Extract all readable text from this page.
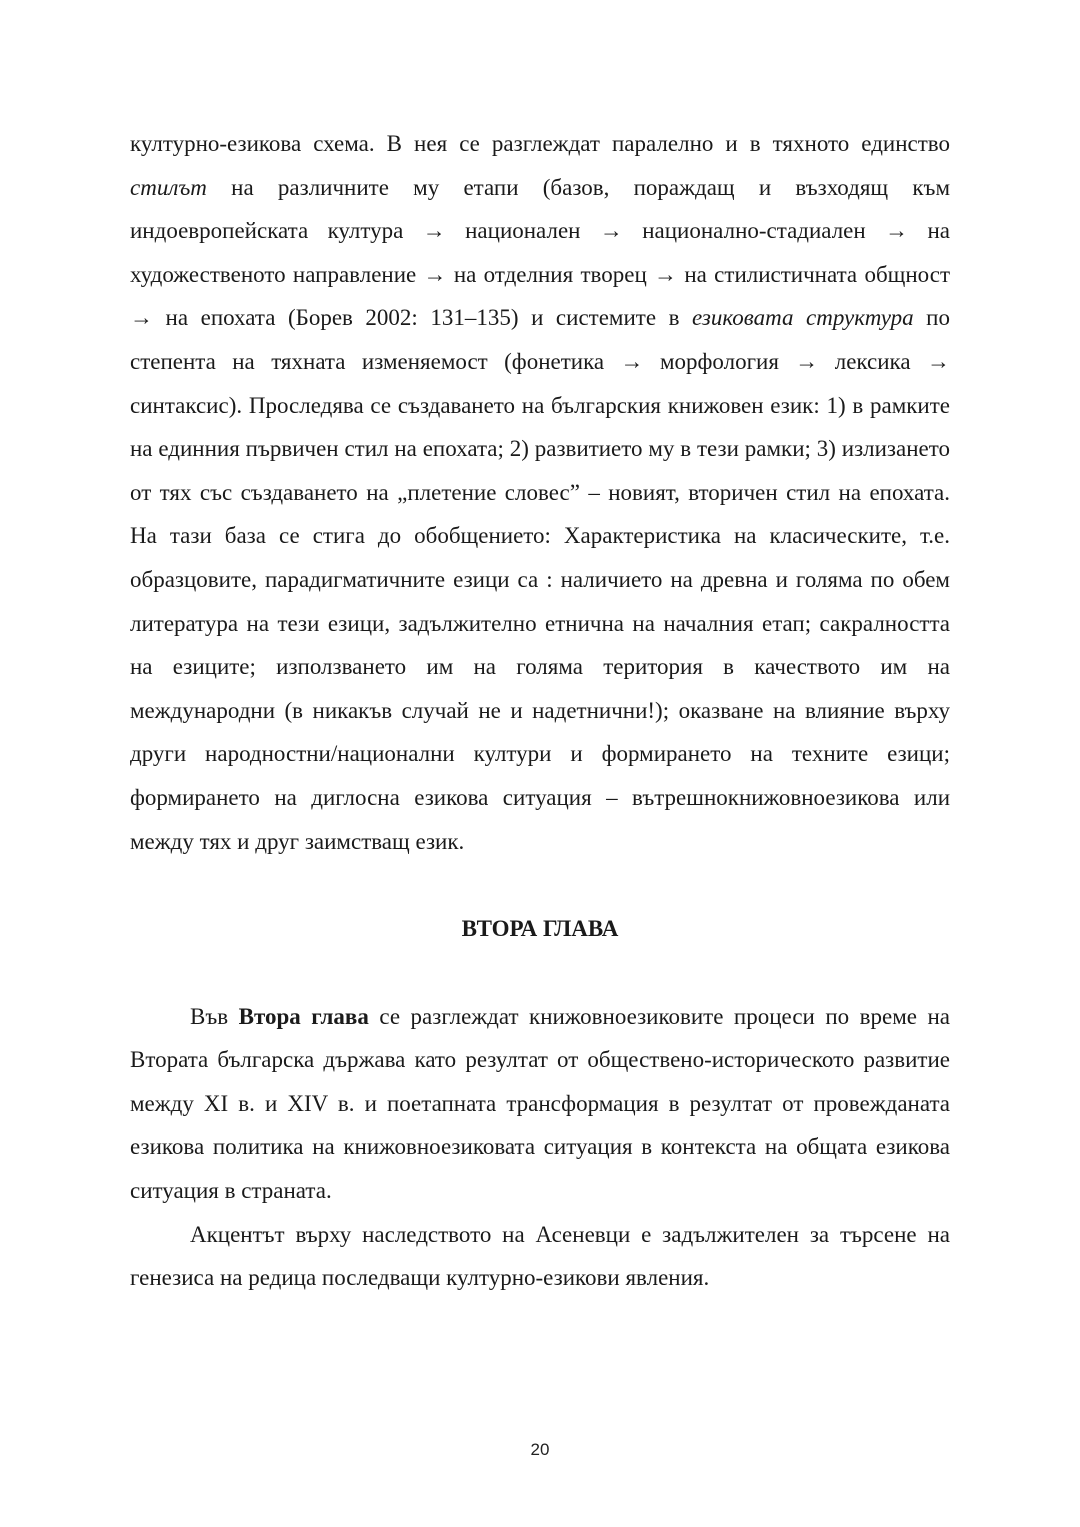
културно-езикова схема. В нея се разглеждат паралелно и в тяхното единство стилът на различните му етапи (базов, пораждащ и възходящ към индоевропейската култура → национален → национално-стадиален → на художественото направление → на отделния творец → на стилистичната общност → на епохата (Борев 2002: 131–135) и системите в езиковата структура по степента на тяхната изменяемост (фонетика → морфология → лексика → синтаксис). Проследява се създаването на българския книжовен език: 1) в рамките на единния първичен стил на епохата; 2) развитието му в тези рамки; 3) излизането от тях със създаването на „плетение словес” – новият, вторичен стил на епохата. На тази база се стига до обобщението: Характеристика на класическите, т.е. образцовите, парадигматичните езици са : наличието на древна и голяма по обем литература на тези езици, задължително етнична на началния етап; сакралността на езиците; използването им на голяма територия в качеството им на международни (в никакъв случай не и надетнични!); оказване на влияние върху други народностни/национални култури и формирането на техните езици; формирането на диглосна езикова ситуация – вътрешнокнижовноезикова или между тях и друг заимстващ език.

ВТОРА ГЛАВА

Във Втора глава се разглеждат книжовноезиковите процеси по време на Втората българска държава като резултат от обществено-историческото развитие между XI в. и XIV в. и поетапната трансформация в резултат от провежданата езикова политика на книжовноезиковата ситуация в контекста на общата езикова ситуация в страната.

Акцентът върху наследството на Асеневци е задължителен за търсене на генезиса на редица последващи културно-езикови явления.

20
